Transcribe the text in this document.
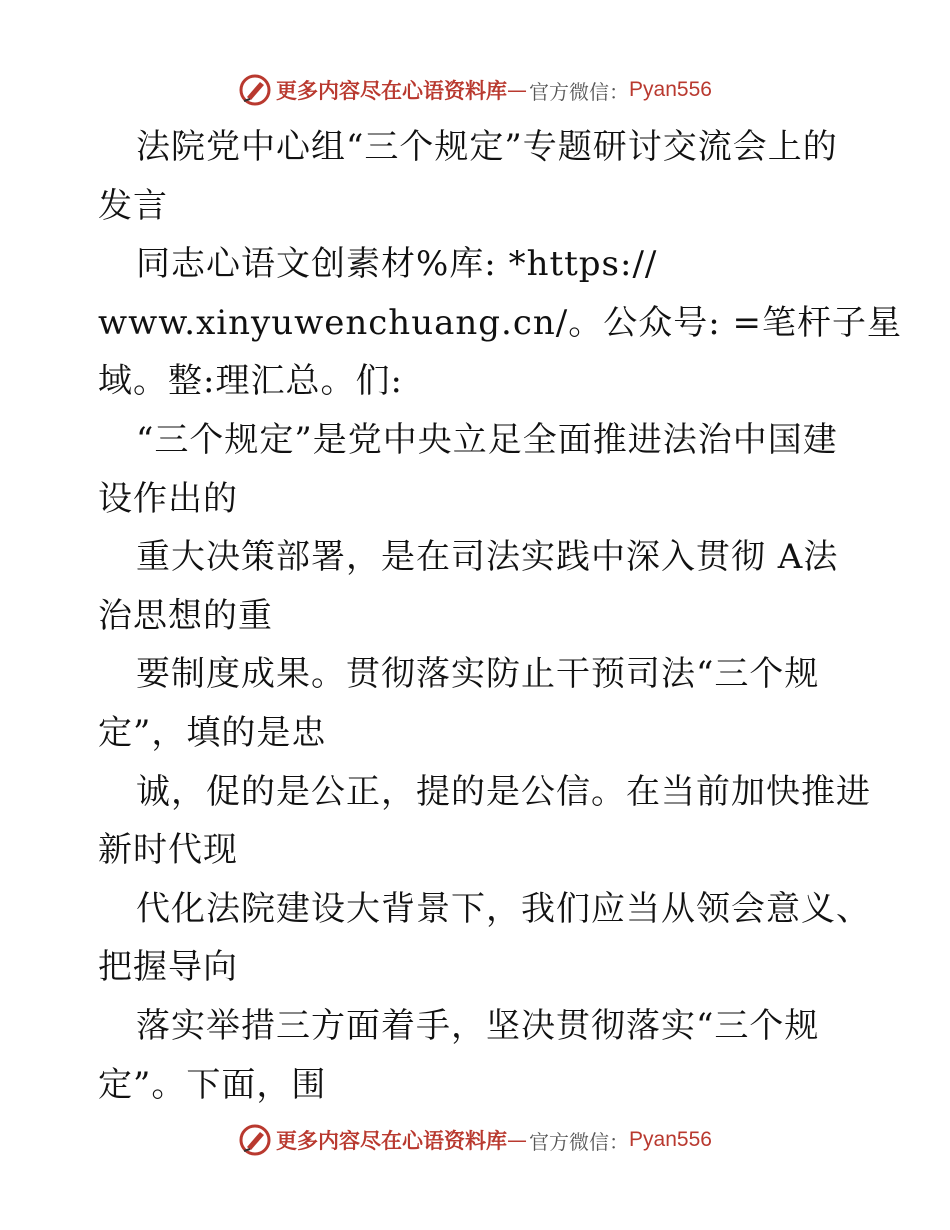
更多内容尽在心语资料库 — 官方微信： Pyan556
法院党中心组“三个规定”专题研讨交流会上的
发言
同志心语文创素材%库: *https://
www.xinyuwenchuang.cn/。公众号: =笔杆子星
域。整:理汇总。们:
“三个规定”是党中央立足全面推进法治中国建
设作出的
重大决策部署，是在司法实践中深入贯彻 A法
治思想的重
要制度成果。贯彻落实防止干预司法“三个规
定”，填的是忠
诚，促的是公正，提的是公信。在当前加快推进
新时代现
代化法院建设大背景下，我们应当从领会意义、
把握导向
落实举措三方面着手，坚决贯彻落实“三个规
定”。下面，围
更多内容尽在心语资料库 — 官方微信： Pyan556
